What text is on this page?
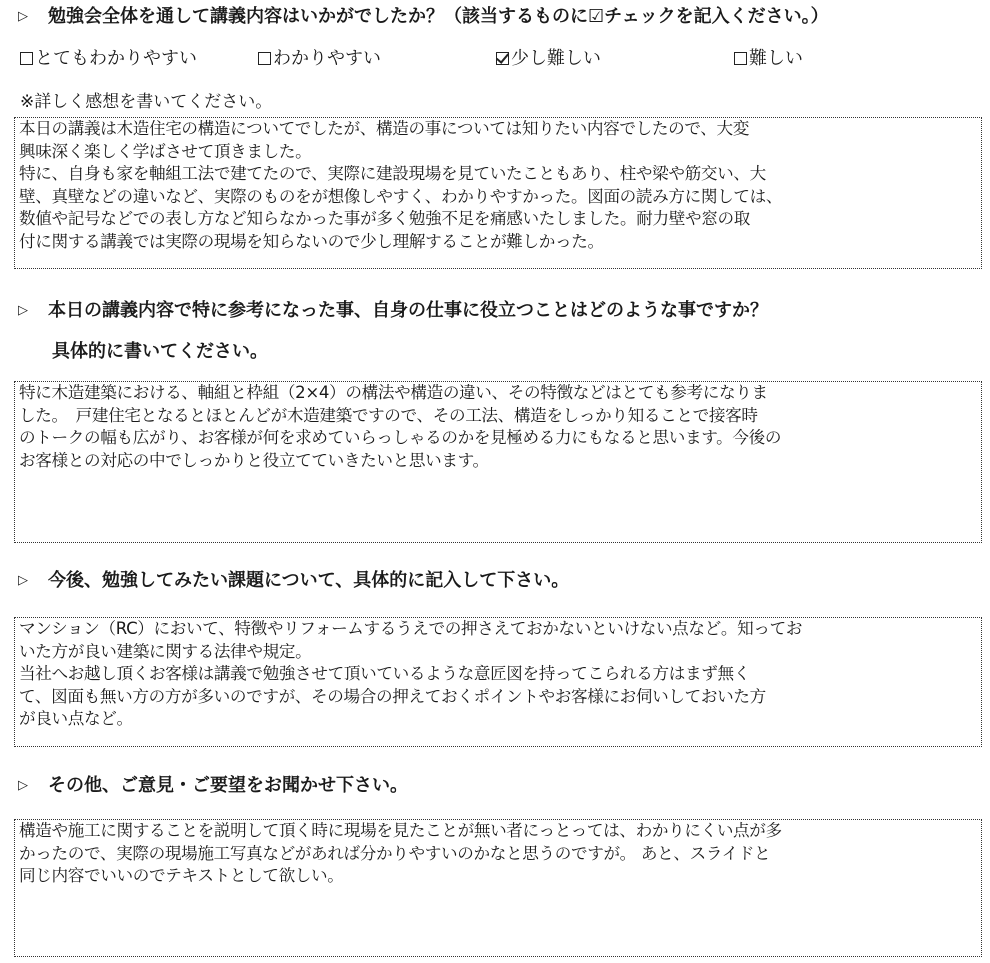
▷ 勉強会全体を通して講義内容はいかがでしたか？（該当するものに☑チェックを記入ください。）
とてもわかりやすい	わかりやすい	少し難しい	難しい
※詳しく感想を書いてください。
本日の講義は木造住宅の構造についてでしたが、構造の事については知りたい内容でしたので、大変
興味深く楽しく学ばさせて頂きました。
特に、自身も家を軸組工法で建てたので、実際に建設現場を見ていたこともあり、柱や梁や筋交い、大
壁、真壁などの違いなど、実際のものをが想像しやすく、わかりやすかった。図面の読み方に関しては、
数値や記号などでの表し方など知らなかった事が多く勉強不足を痛感いたしました。耐力壁や窓の取
付に関する講義では実際の現場を知らないので少し理解することが難しかった。
▷ 本日の講義内容で特に参考になった事、自身の仕事に役立つことはどのような事ですか？
具体的に書いてください。
特に木造建築における、軸組と枠組（2×4）の構法や構造の違い、その特徴などはとても参考になりま
した。　戸建住宅となるとほとんどが木造建築ですので、その工法、構造をしっかり知ることで接客時
のトークの幅も広がり、お客様が何を求めていらっしゃるのかを見極める力にもなると思います。今後の
お客様との対応の中でしっかりと役立てていきたいと思います。
▷ 今後、勉強してみたい課題について、具体的に記入して下さい。
マンション（RC）において、特徴やリフォームするうえでの押さえておかないといけない点など。知ってお
いた方が良い建築に関する法律や規定。
当社へお越し頂くお客様は講義で勉強させて頂いているような意匠図を持ってこられる方はまず無く
て、図面も無い方の方が多いのですが、その場合の押えておくポイントやお客様にお伺いしておいた方
が良い点など。
▷ その他、ご意見・ご要望をお聞かせ下さい。
構造や施工に関することを説明して頂く時に現場を見たことが無い者にっとっては、わかりにくい点が多
かったので、実際の現場施工写真などがあれば分かりやすいのかなと思うのですが。 あと、スライドと
同じ内容でいいのでテキストとして欲しい。
